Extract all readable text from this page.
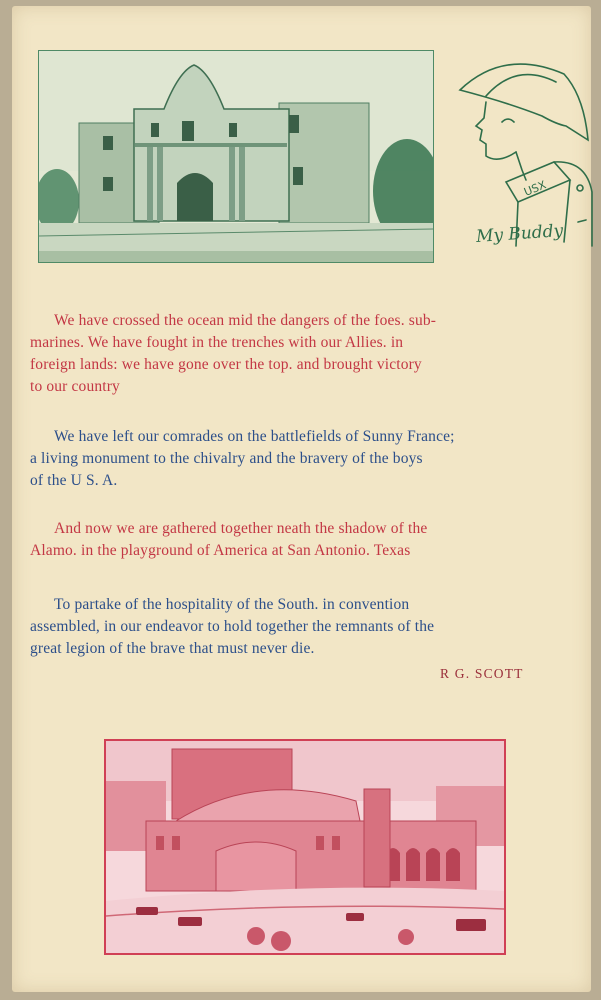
USX
My Buddy
We have crossed the ocean mid the dangers of the foes. sub-
marines. We have fought in the trenches with our Allies. in
foreign lands: we have gone over the top. and brought victory
to our country
We have left our comrades on the battlefields of Sunny France;
a living monument to the chivalry and the bravery of the boys
of the U S. A.
And now we are gathered together neath the shadow of the
Alamo. in the playground of America at San Antonio. Texas
To partake of the hospitality of the South. in convention
assembled, in our endeavor to hold together the remnants of the
great legion of the brave that must never die.
R G. SCOTT
